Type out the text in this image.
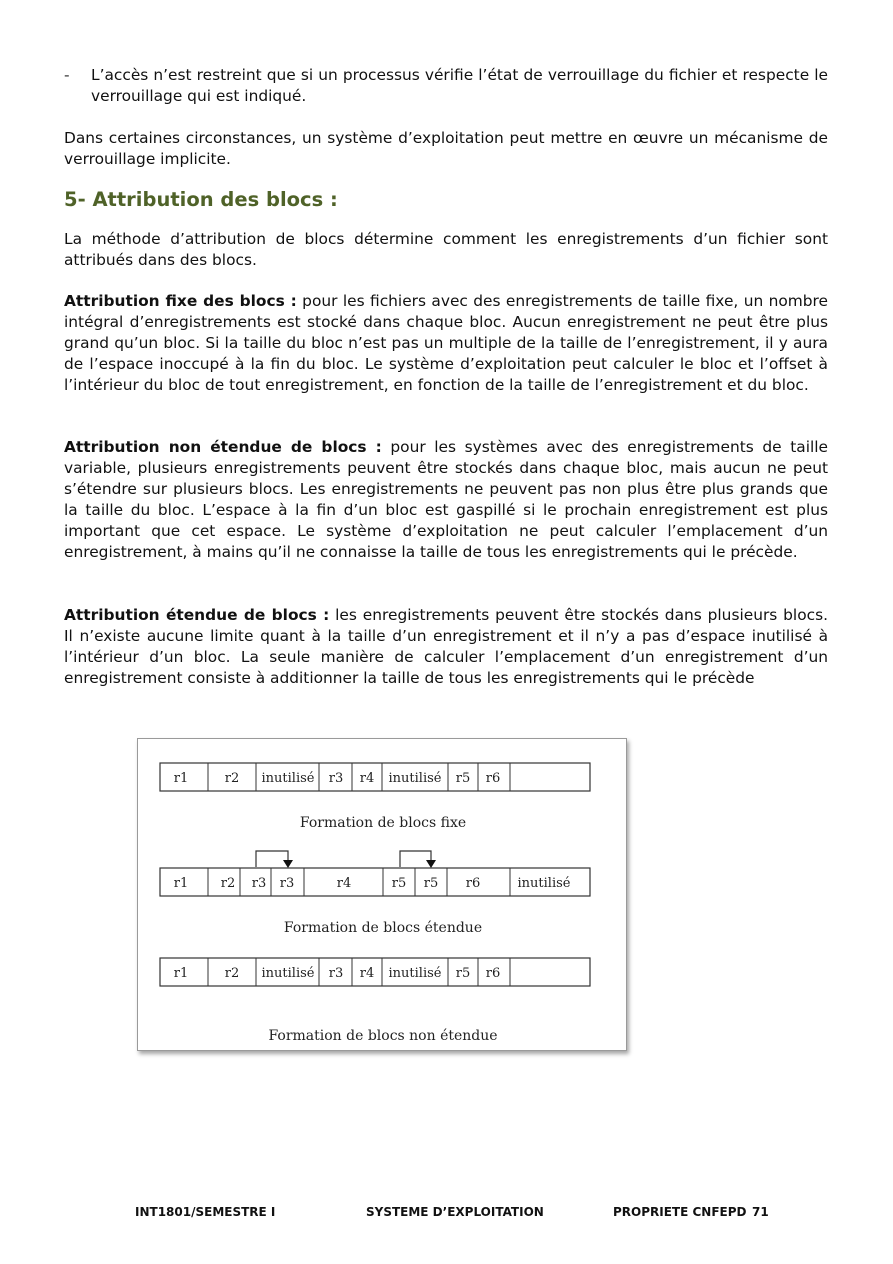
- L’accès n’est restreint que si un processus vérifie l’état de verrouillage du fichier et respecte le verrouillage qui est indiqué.

Dans certaines circonstances, un système d’exploitation peut mettre en œuvre un mécanisme de verrouillage implicite.

5- Attribution des blocs :

La méthode d’attribution de blocs détermine comment les enregistrements d’un fichier sont attribués dans des blocs.

Attribution fixe des blocs : pour les fichiers avec des enregistrements de taille fixe, un nombre intégral d’enregistrements est stocké dans chaque bloc. Aucun enregistrement ne peut être plus grand qu’un bloc. Si la taille du bloc n’est pas un multiple de la taille de l’enregistrement, il y aura de l’espace inoccupé à la fin du bloc. Le système d’exploitation peut calculer le bloc et l’offset à l’intérieur du bloc de tout enregistrement, en fonction de la taille de l’enregistrement et du bloc.

Attribution non étendue de blocs : pour les systèmes avec des enregistrements de taille variable, plusieurs enregistrements peuvent être stockés dans chaque bloc, mais aucun ne peut s’étendre sur plusieurs blocs. Les enregistrements ne peuvent pas non plus être plus grands que la taille du bloc. L’espace à la fin d’un bloc est gaspillé si le prochain enregistrement est plus important que cet espace. Le système d’exploitation ne peut calculer l’emplacement d’un enregistrement, à mains qu’il ne connaisse la taille de tous les enregistrements qui le précède.

Attribution étendue de blocs : les enregistrements peuvent être stockés dans plusieurs blocs. Il n’existe aucune limite quant à la taille d’un enregistrement et il n’y a pas d’espace inutilisé à l’intérieur d’un bloc. La seule manière de calculer l’emplacement d’un enregistrement d’un enregistrement consiste à additionner la taille de tous les enregistrements qui le précède

r1	r2 inutilisé r3 r4 inutilisé r5 r6
Formation de blocs fixe
r1	r2 r3 r3	r4	r5 r5 r6	inutilisé
Formation de blocs étendue
r1	r2 inutilisé r3 r4 inutilisé r5 r6
Formation de blocs non étendue
INT1801/SEMESTRE I	SYSTEME D’EXPLOITATION	PROPRIETE CNFEPD 71
